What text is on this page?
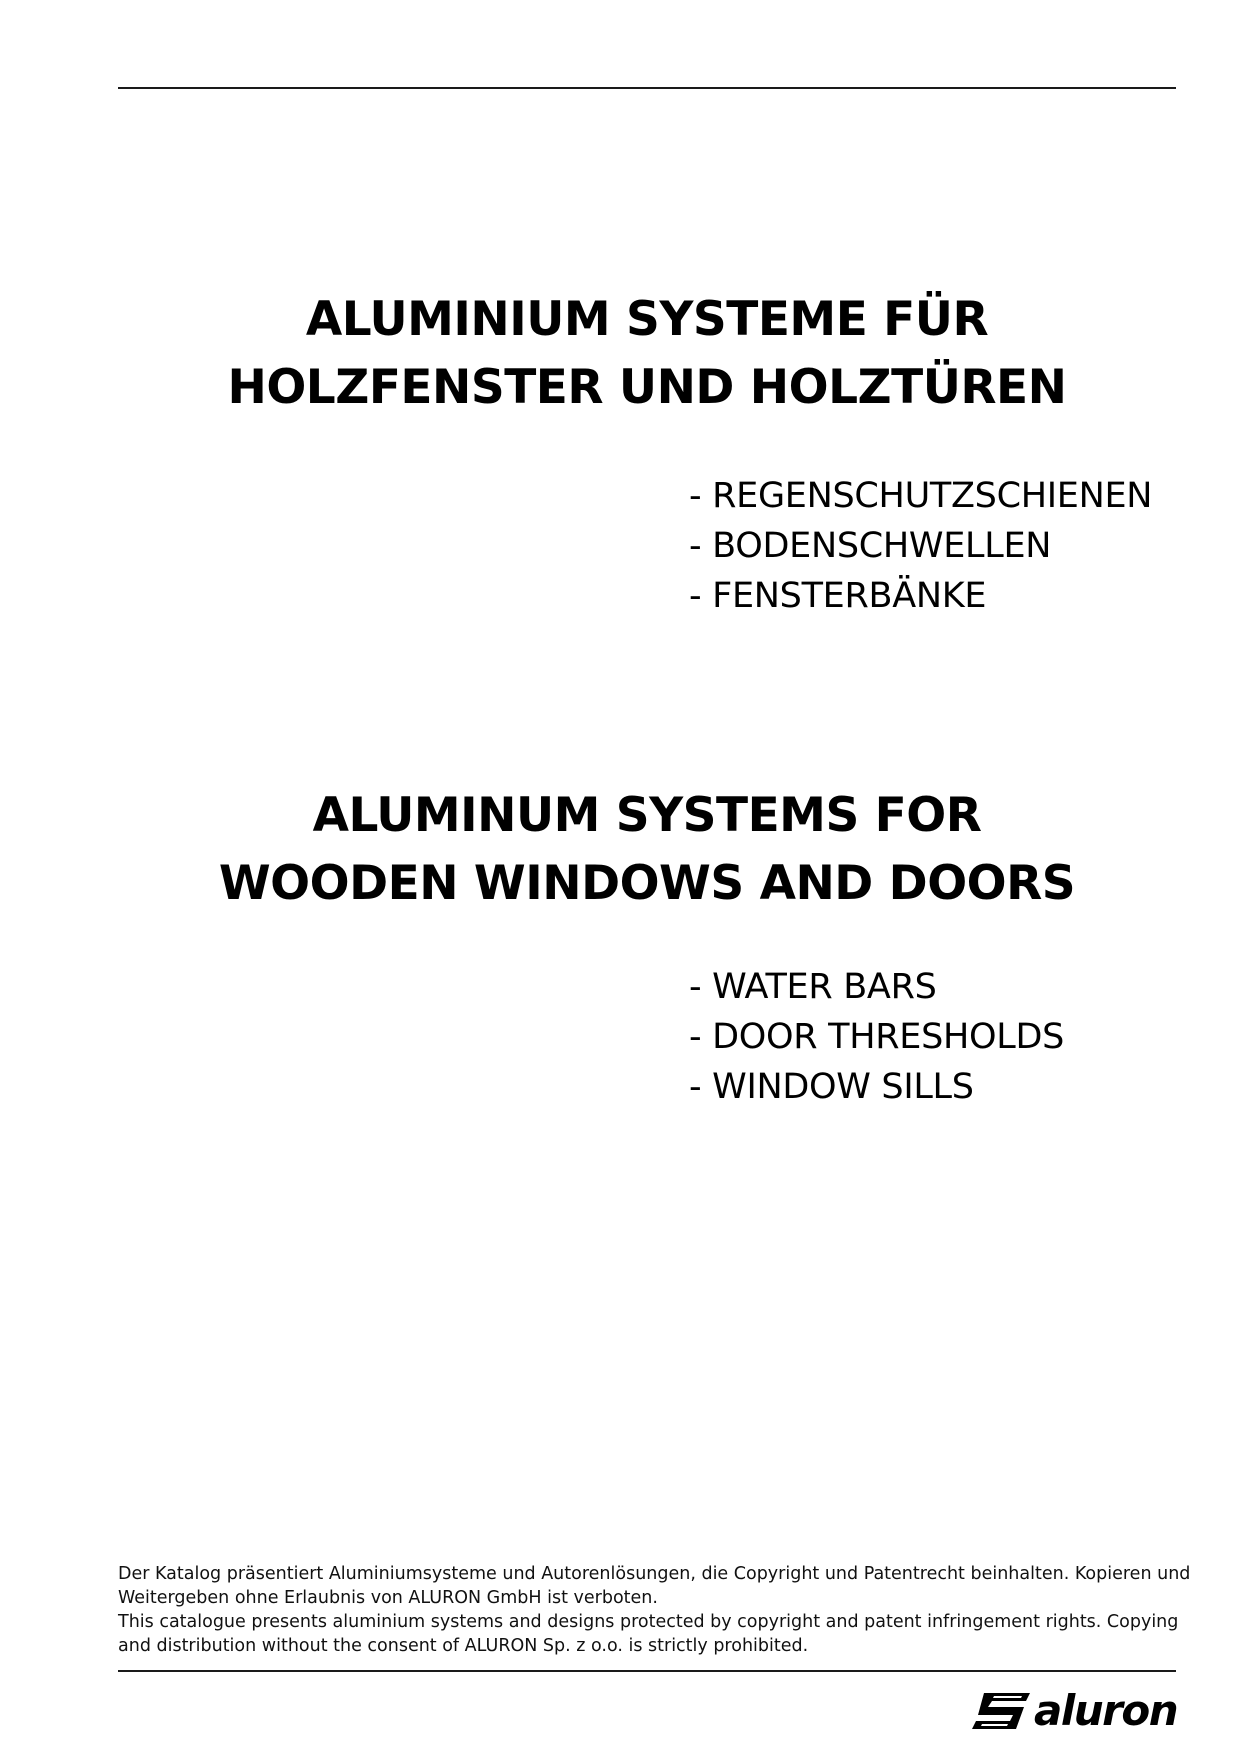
ALUMINIUM SYSTEME FÜR
HOLZFENSTER UND HOLZTÜREN
- REGENSCHUTZSCHIENEN
- BODENSCHWELLEN
- FENSTERBÄNKE
ALUMINUM SYSTEMS FOR
WOODEN WINDOWS AND DOORS
- WATER BARS
- DOOR THRESHOLDS
- WINDOW SILLS

Der Katalog präsentiert Aluminiumsysteme und Autorenlösungen, die Copyright und Patentrecht beinhalten. Kopieren und Weitergeben ohne Erlaubnis von ALURON GmbH ist verboten.

This catalogue presents aluminium systems and designs protected by copyright and patent infringement rights. Copying and distribution without the consent of ALURON Sp. z o.o. is strictly prohibited.

aluron
